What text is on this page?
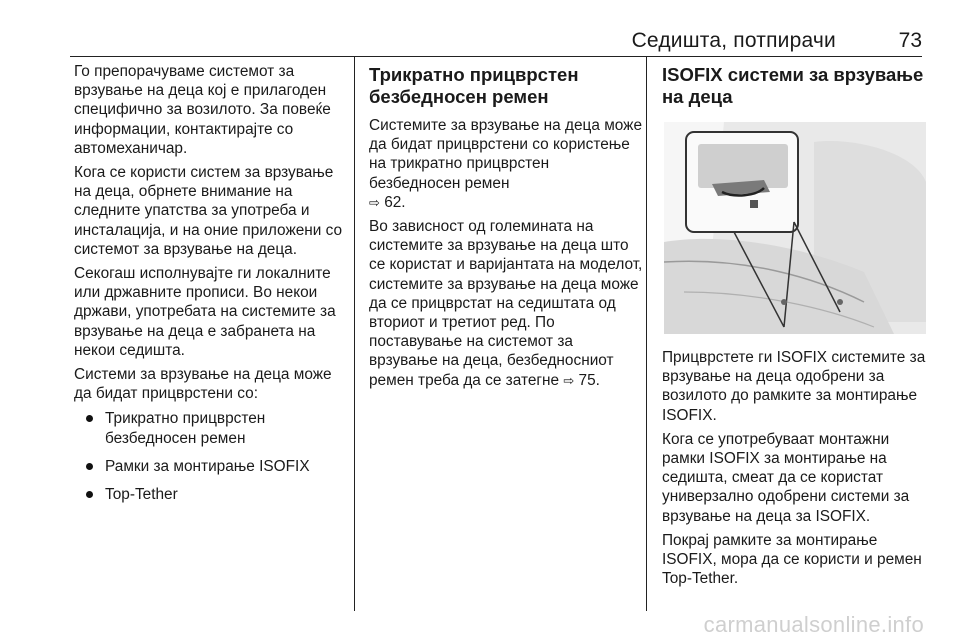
Седишта, потпирачи	73

Го препорачуваме системот за врзување на деца кој е прилагоден специфично за возилото. За повеќе информации, контактирајте со автомеханичар.

Кога се користи систем за врзување на деца, обрнете внимание на следните упатства за употреба и инсталација, и на оние приложени со системот за врзување на деца.

Секогаш исполнувајте ги локалните или државните прописи. Во некои држави, употребата на системите за врзување на деца е забранета на некои седишта.

Системи за врзување на деца може да бидат прицврстени со:

Трикратно прицврстен безбедносен ремен
Рамки за монтирање ISOFIX
Top-Tether
Трикратно прицврстен безбедносен ремен

Системите за врзување на деца може да бидат прицврстени со користење на трикратно прицврстен безбедносен ремен
⇨ 62.

Во зависност од големината на системите за врзување на деца што се користат и варијантата на моделот, системите за врзување на деца може да се прицврстат на седиштата од вториот и третиот ред. По поставување на системот за врзување на деца, безбедносниот ремен треба да се затегне ⇨ 75.

ISOFIX системи за врзување на деца

Прицврстете ги ISOFIX системите за врзување на деца одобрени за возилото до рамките за монтирање ISOFIX.

Кога се употребуваат монтажни рамки ISOFIX за монтирање на седишта, смеат да се користат универзално одобрени системи за врзување на деца за ISOFIX.

Покрај рамките за монтирање ISOFIX, мора да се користи и ремен Top-Tether.

carmanualsonline.info
